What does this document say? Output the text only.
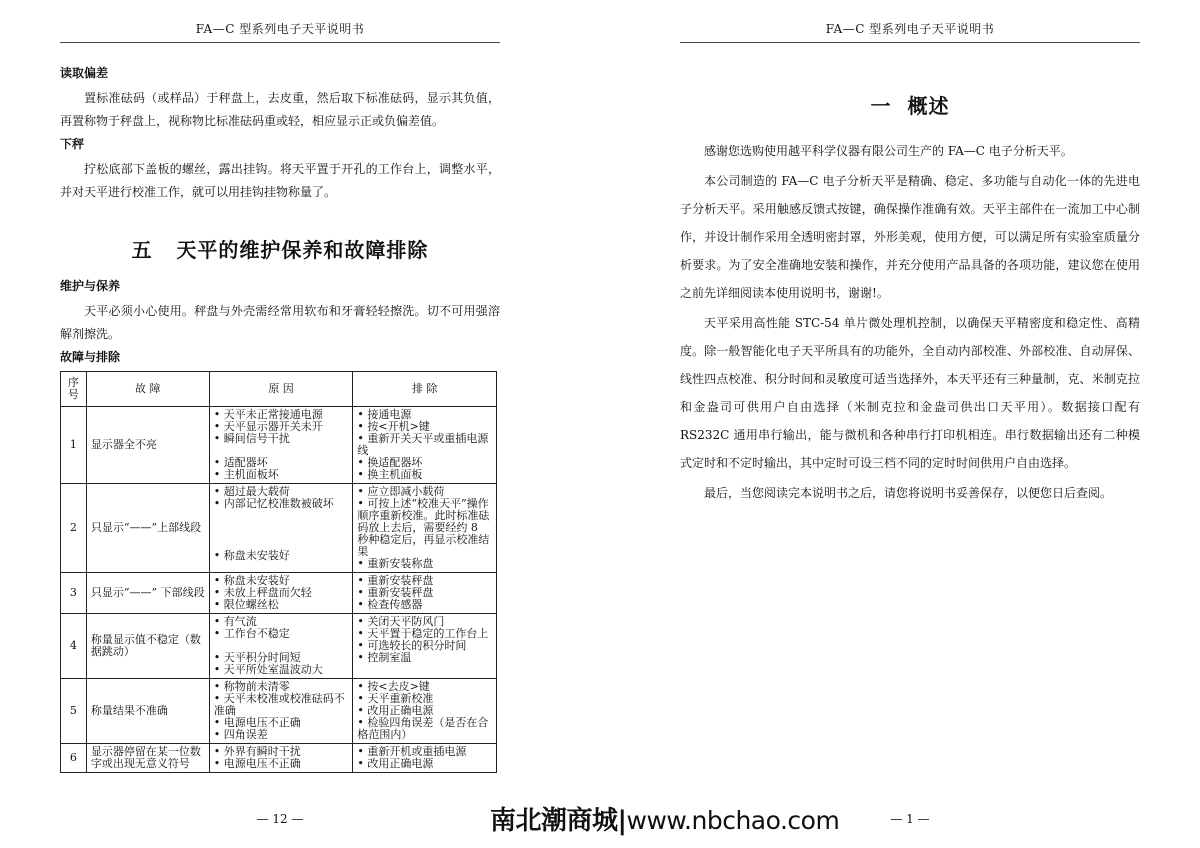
FA—C 型系列电子天平说明书
读取偏差

置标准砝码（或样品）于秤盘上，去皮重，然后取下标准砝码，显示其负值，再置称物于秤盘上，视称物比标准砝码重或轻，相应显示正或负偏差值。

下秤

拧松底部下盖板的螺丝，露出挂钩。将天平置于开孔的工作台上，调整水平，并对天平进行校准工作，就可以用挂钩挂物称量了。

五   天平的维护保养和故障排除
维护与保养

天平必须小心使用。秤盘与外壳需经常用软布和牙膏轻轻擦洗。切不可用强溶解剂擦洗。

故障与排除
序号	故 障	原 因	排 除
1	显示器全不亮	• 天平未正常接通电源
• 天平显示器开关未开
• 瞬间信号干扰
• 适配器坏
• 主机面板坏	• 接通电源
• 按<开机>键
• 重新开关天平或重插电源线
• 换适配器坏
• 换主机面板

2	只显示“——”上部线段	• 超过最大载荷
• 内部记忆校准数被破坏
• 称盘未安装好	• 应立即减小载荷
• 可按上述“校准天平”操作顺序重新校准。此时标准砝码放上去后，需要经约 8 秒种稳定后，再显示校准结果
• 重新安装称盘

3	只显示“——” 下部线段	• 称盘未安装好
• 未放上秤盘而欠轻
• 限位螺丝松	• 重新安装秤盘
• 重新安装秤盘
• 检查传感器

4	称量显示值不稳定（数据跳动）	• 有气流
• 工作台不稳定
• 天平积分时间短
• 天平所处室温波动大	• 关闭天平防风门
• 天平置于稳定的工作台上
• 可选较长的积分时间
• 控制室温

5	称量结果不准确	• 称物前未清零
• 天平未校准或校准砝码不准确
• 电源电压不正确
• 四角误差	• 按<去皮>键
• 天平重新校准
• 改用正确电源
• 检验四角误差（是否在合格范围内）

6	显示器停留在某一位数字或出现无意义符号	• 外界有瞬时干扰
• 电源电压不正确	• 重新开机或重插电源
• 改用正确电源
— 12 —
FA—C 型系列电子天平说明书
一  概述

感谢您选购使用越平科学仪器有限公司生产的 FA—C 电子分析天平。

本公司制造的 FA—C 电子分析天平是精确、稳定、多功能与自动化一体的先进电子分析天平。采用触感反馈式按键，确保操作准确有效。天平主部件在一流加工中心制作，并设计制作采用全透明密封罩，外形美观，使用方便，可以满足所有实验室质量分析要求。为了安全准确地安装和操作，并充分使用产品具备的各项功能，建议您在使用之前先详细阅读本使用说明书，谢谢!。

天平采用高性能 STC-54 单片微处理机控制，以确保天平精密度和稳定性、高精度。除一般智能化电子天平所具有的功能外，全自动内部校准、外部校准、自动屏保、线性四点校准、积分时间和灵敏度可适当选择外，本天平还有三种量制，克、米制克拉和金盎司可供用户自由选择（米制克拉和金盎司供出口天平用）。数据接口配有 RS232C 通用串行输出，能与微机和各种串行打印机相连。串行数据输出还有二种模式定时和不定时输出，其中定时可设三档不同的定时时间供用户自由选择。

最后，当您阅读完本说明书之后，请您将说明书妥善保存，以便您日后查阅。

— 1 —
南北潮商城|www.nbchao.com
